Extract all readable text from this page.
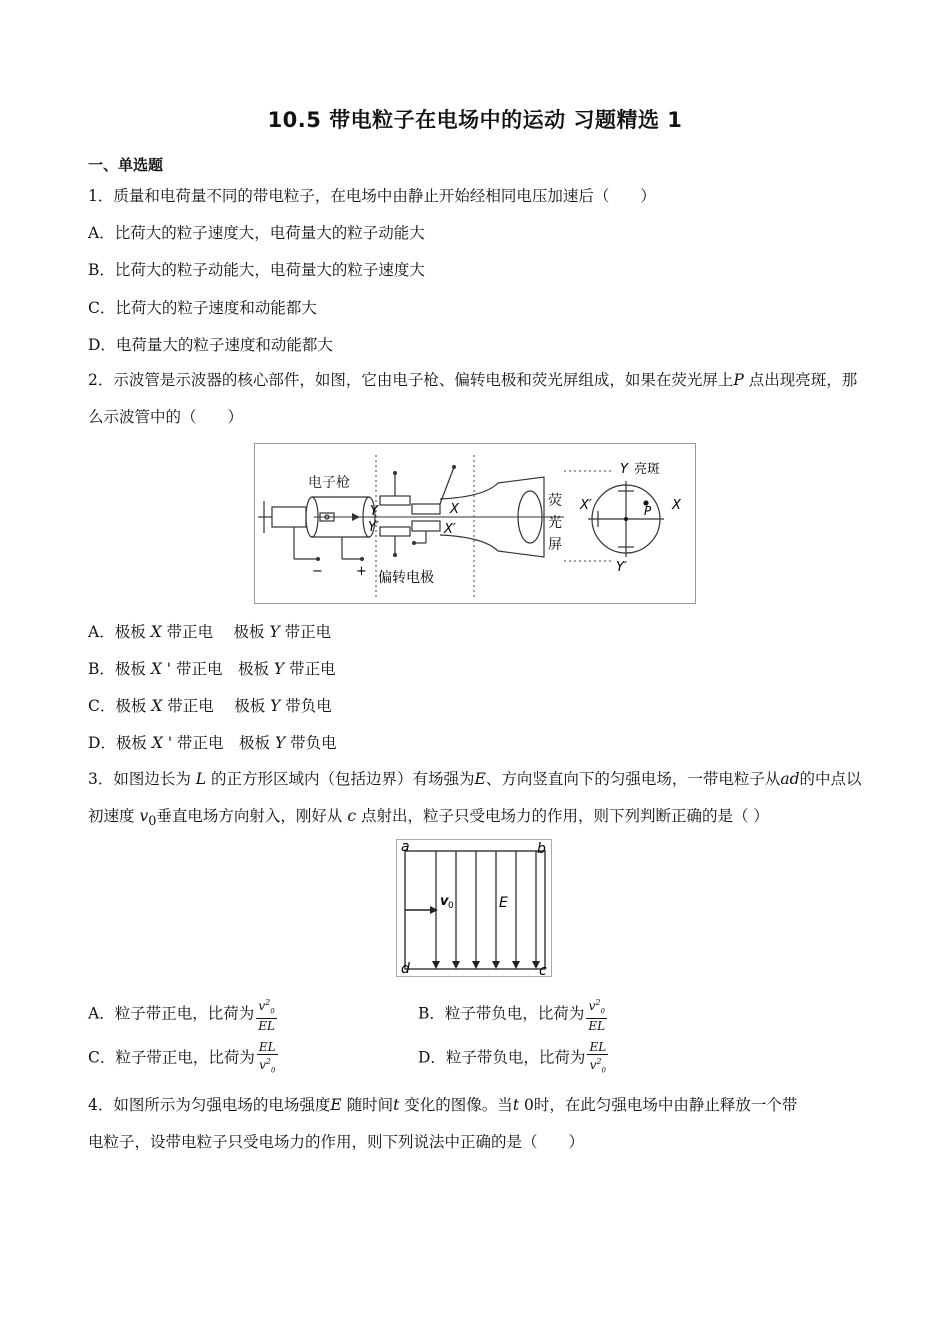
10.5 带电粒子在电场中的运动 习题精选 1
一、单选题
1．质量和电荷量不同的带电粒子，在电场中由静止开始经相同电压加速后（　　）
A．比荷大的粒子速度大，电荷量大的粒子动能大
B．比荷大的粒子动能大，电荷量大的粒子速度大
C．比荷大的粒子速度和动能都大
D．电荷量大的粒子速度和动能都大
2．示波管是示波器的核心部件，如图，它由电子枪、偏转电极和荧光屏组成，如果在荧光屏上P 点出现亮斑，那么示波管中的（　　）
电子枪
−	+
Y
Y′
X
X′
偏转电极
荧
光
屏
Y 亮斑
X′	X
P
Y′
A．极板 X 带正电　 极板 Y 带正电
B．极板 X ' 带正电　极板 Y 带正电
C．极板 X 带正电　 极板 Y 带负电
D．极板 X ' 带正电　极板 Y 带负电
3．如图边长为 L 的正方形区域内（包括边界）有场强为E、方向竖直向下的匀强电场，一带电粒子从ad的中点以初速度 $v_0$垂直电场方向射入，刚好从 c 点射出，粒子只受电场力的作用，则下列判断正确的是（ ）
v 0	E
a	b
d	c
A．粒子带正电，比荷为 $\frac{v^2_0}{EL}$	B．粒子带负电，比荷为 $\frac{v^2_0}{EL}$
C．粒子带正电，比荷为 $\frac{EL}{v^2_0}$	D．粒子带负电，比荷为 $\frac{EL}{v^2_0}$
4．如图所示为匀强电场的电场强度E 随时间t 变化的图像。当t 0时，在此匀强电场中由静止释放一个带
电粒子，设带电粒子只受电场力的作用，则下列说法中正确的是（　　）
